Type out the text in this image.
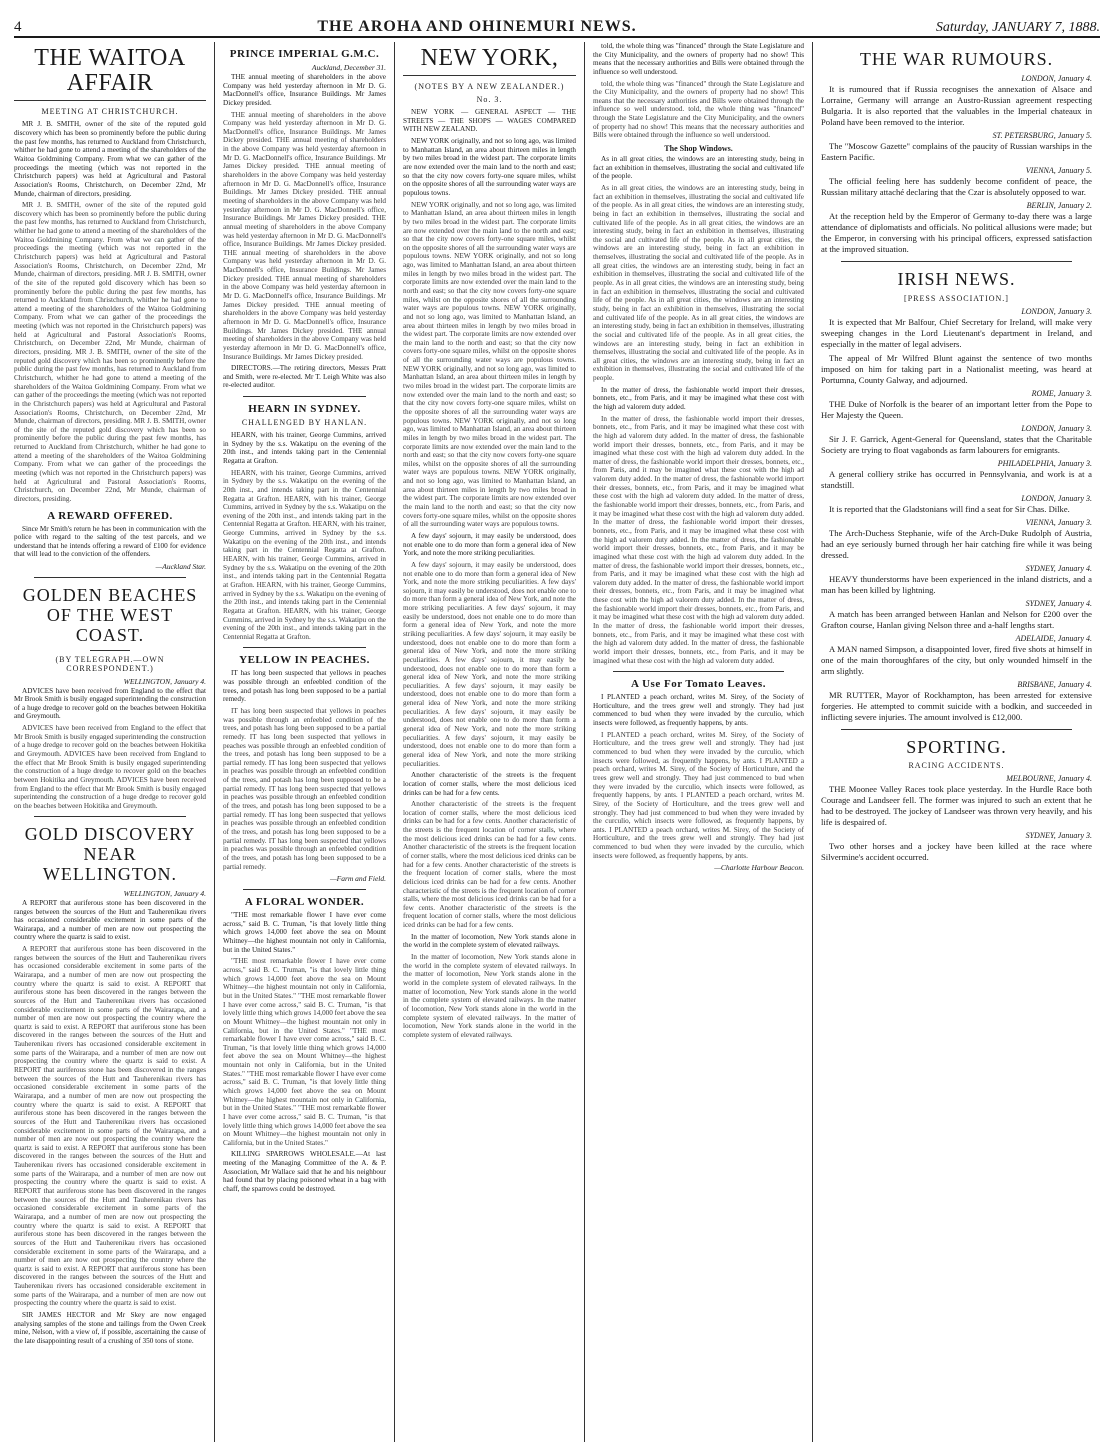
4	THE AROHA AND OHINEMURI NEWS.	Saturday, JANUARY 7, 1888.
THE WAITOA AFFAIR
MEETING AT CHRISTCHURCH.

MR J. B. SMITH, owner of the site of the reputed gold discovery which has been so prominently before the public during the past few months, has returned to Auckland from Christchurch, whither he had gone to attend a meeting of the shareholders of the Waitoa Goldmining Company. From what we can gather of the proceedings the meeting (which was not reported in the Christchurch papers) was held at Agricultural and Pastoral Association's Rooms, Christchurch, on December 22nd, Mr Munde, chairman of directors, presiding.

MR J. B. SMITH, owner of the site of the reputed gold discovery which has been so prominently before the public during the past few months, has returned to Auckland from Christchurch, whither he had gone to attend a meeting of the shareholders of the Waitoa Goldmining Company. From what we can gather of the proceedings the meeting (which was not reported in the Christchurch papers) was held at Agricultural and Pastoral Association's Rooms, Christchurch, on December 22nd, Mr Munde, chairman of directors, presiding. MR J. B. SMITH, owner of the site of the reputed gold discovery which has been so prominently before the public during the past few months, has returned to Auckland from Christchurch, whither he had gone to attend a meeting of the shareholders of the Waitoa Goldmining Company. From what we can gather of the proceedings the meeting (which was not reported in the Christchurch papers) was held at Agricultural and Pastoral Association's Rooms, Christchurch, on December 22nd, Mr Munde, chairman of directors, presiding. MR J. B. SMITH, owner of the site of the reputed gold discovery which has been so prominently before the public during the past few months, has returned to Auckland from Christchurch, whither he had gone to attend a meeting of the shareholders of the Waitoa Goldmining Company. From what we can gather of the proceedings the meeting (which was not reported in the Christchurch papers) was held at Agricultural and Pastoral Association's Rooms, Christchurch, on December 22nd, Mr Munde, chairman of directors, presiding. MR J. B. SMITH, owner of the site of the reputed gold discovery which has been so prominently before the public during the past few months, has returned to Auckland from Christchurch, whither he had gone to attend a meeting of the shareholders of the Waitoa Goldmining Company. From what we can gather of the proceedings the meeting (which was not reported in the Christchurch papers) was held at Agricultural and Pastoral Association's Rooms, Christchurch, on December 22nd, Mr Munde, chairman of directors, presiding.
A REWARD OFFERED.

Since Mr Smith's return he has been in communication with the police with regard to the salting of the test parcels, and we understand that he intends offering a reward of £100 for evidence that will lead to the conviction of the offenders.

—Auckland Star.
GOLDEN BEACHES OF THE WEST COAST.
(BY TELEGRAPH.—OWN CORRESPONDENT.)
WELLINGTON, January 4.

ADVICES have been received from England to the effect that Mr Brook Smith is busily engaged superintending the construction of a huge dredge to recover gold on the beaches between Hokitika and Greymouth.

ADVICES have been received from England to the effect that Mr Brook Smith is busily engaged superintending the construction of a huge dredge to recover gold on the beaches between Hokitika and Greymouth. ADVICES have been received from England to the effect that Mr Brook Smith is busily engaged superintending the construction of a huge dredge to recover gold on the beaches between Hokitika and Greymouth. ADVICES have been received from England to the effect that Mr Brook Smith is busily engaged superintending the construction of a huge dredge to recover gold on the beaches between Hokitika and Greymouth.
GOLD DISCOVERY NEAR WELLINGTON.
WELLINGTON, January 4.

A REPORT that auriferous stone has been discovered in the ranges between the sources of the Hutt and Tauherenikau rivers has occasioned considerable excitement in some parts of the Wairarapa, and a number of men are now out prospecting the country where the quartz is said to exist.

A REPORT that auriferous stone has been discovered in the ranges between the sources of the Hutt and Tauherenikau rivers has occasioned considerable excitement in some parts of the Wairarapa, and a number of men are now out prospecting the country where the quartz is said to exist. A REPORT that auriferous stone has been discovered in the ranges between the sources of the Hutt and Tauherenikau rivers has occasioned considerable excitement in some parts of the Wairarapa, and a number of men are now out prospecting the country where the quartz is said to exist. A REPORT that auriferous stone has been discovered in the ranges between the sources of the Hutt and Tauherenikau rivers has occasioned considerable excitement in some parts of the Wairarapa, and a number of men are now out prospecting the country where the quartz is said to exist. A REPORT that auriferous stone has been discovered in the ranges between the sources of the Hutt and Tauherenikau rivers has occasioned considerable excitement in some parts of the Wairarapa, and a number of men are now out prospecting the country where the quartz is said to exist. A REPORT that auriferous stone has been discovered in the ranges between the sources of the Hutt and Tauherenikau rivers has occasioned considerable excitement in some parts of the Wairarapa, and a number of men are now out prospecting the country where the quartz is said to exist. A REPORT that auriferous stone has been discovered in the ranges between the sources of the Hutt and Tauherenikau rivers has occasioned considerable excitement in some parts of the Wairarapa, and a number of men are now out prospecting the country where the quartz is said to exist. A REPORT that auriferous stone has been discovered in the ranges between the sources of the Hutt and Tauherenikau rivers has occasioned considerable excitement in some parts of the Wairarapa, and a number of men are now out prospecting the country where the quartz is said to exist. A REPORT that auriferous stone has been discovered in the ranges between the sources of the Hutt and Tauherenikau rivers has occasioned considerable excitement in some parts of the Wairarapa, and a number of men are now out prospecting the country where the quartz is said to exist. A REPORT that auriferous stone has been discovered in the ranges between the sources of the Hutt and Tauherenikau rivers has occasioned considerable excitement in some parts of the Wairarapa, and a number of men are now out prospecting the country where the quartz is said to exist.

SIR JAMES HECTOR and Mr Skey are now engaged analysing samples of the stone and tailings from the Owen Creek mine, Nelson, with a view of, if possible, ascertaining the cause of the late disappointing result of a crushing of 350 tons of stone.

PRINCE IMPERIAL G.M.C.
Auckland, December 31.

THE annual meeting of shareholders in the above Company was held yesterday afternoon in Mr D. G. MacDonnell's office, Insurance Buildings. Mr James Dickey presided.

THE annual meeting of shareholders in the above Company was held yesterday afternoon in Mr D. G. MacDonnell's office, Insurance Buildings. Mr James Dickey presided. THE annual meeting of shareholders in the above Company was held yesterday afternoon in Mr D. G. MacDonnell's office, Insurance Buildings. Mr James Dickey presided. THE annual meeting of shareholders in the above Company was held yesterday afternoon in Mr D. G. MacDonnell's office, Insurance Buildings. Mr James Dickey presided. THE annual meeting of shareholders in the above Company was held yesterday afternoon in Mr D. G. MacDonnell's office, Insurance Buildings. Mr James Dickey presided. THE annual meeting of shareholders in the above Company was held yesterday afternoon in Mr D. G. MacDonnell's office, Insurance Buildings. Mr James Dickey presided. THE annual meeting of shareholders in the above Company was held yesterday afternoon in Mr D. G. MacDonnell's office, Insurance Buildings. Mr James Dickey presided. THE annual meeting of shareholders in the above Company was held yesterday afternoon in Mr D. G. MacDonnell's office, Insurance Buildings. Mr James Dickey presided. THE annual meeting of shareholders in the above Company was held yesterday afternoon in Mr D. G. MacDonnell's office, Insurance Buildings. Mr James Dickey presided. THE annual meeting of shareholders in the above Company was held yesterday afternoon in Mr D. G. MacDonnell's office, Insurance Buildings. Mr James Dickey presided.

DIRECTORS.—The retiring directors, Messrs Pratt and Smith, were re-elected. Mr T. Leigh White was also re-elected auditor.

HEARN IN SYDNEY.
CHALLENGED BY HANLAN.

HEARN, with his trainer, George Cummins, arrived in Sydney by the s.s. Wakatipu on the evening of the 20th inst., and intends taking part in the Centennial Regatta at Grafton.

HEARN, with his trainer, George Cummins, arrived in Sydney by the s.s. Wakatipu on the evening of the 20th inst., and intends taking part in the Centennial Regatta at Grafton. HEARN, with his trainer, George Cummins, arrived in Sydney by the s.s. Wakatipu on the evening of the 20th inst., and intends taking part in the Centennial Regatta at Grafton. HEARN, with his trainer, George Cummins, arrived in Sydney by the s.s. Wakatipu on the evening of the 20th inst., and intends taking part in the Centennial Regatta at Grafton. HEARN, with his trainer, George Cummins, arrived in Sydney by the s.s. Wakatipu on the evening of the 20th inst., and intends taking part in the Centennial Regatta at Grafton. HEARN, with his trainer, George Cummins, arrived in Sydney by the s.s. Wakatipu on the evening of the 20th inst., and intends taking part in the Centennial Regatta at Grafton. HEARN, with his trainer, George Cummins, arrived in Sydney by the s.s. Wakatipu on the evening of the 20th inst., and intends taking part in the Centennial Regatta at Grafton.
YELLOW IN PEACHES.

IT has long been suspected that yellows in peaches was possible through an enfeebled condition of the trees, and potash has long been supposed to be a partial remedy.

IT has long been suspected that yellows in peaches was possible through an enfeebled condition of the trees, and potash has long been supposed to be a partial remedy. IT has long been suspected that yellows in peaches was possible through an enfeebled condition of the trees, and potash has long been supposed to be a partial remedy. IT has long been suspected that yellows in peaches was possible through an enfeebled condition of the trees, and potash has long been supposed to be a partial remedy. IT has long been suspected that yellows in peaches was possible through an enfeebled condition of the trees, and potash has long been supposed to be a partial remedy. IT has long been suspected that yellows in peaches was possible through an enfeebled condition of the trees, and potash has long been supposed to be a partial remedy. IT has long been suspected that yellows in peaches was possible through an enfeebled condition of the trees, and potash has long been supposed to be a partial remedy.
—Farm and Field.
A FLORAL WONDER.

"THE most remarkable flower I have ever come across," said B. C. Truman, "is that lovely little thing which grows 14,000 feet above the sea on Mount Whitney—the highest mountain not only in California, but in the United States."

"THE most remarkable flower I have ever come across," said B. C. Truman, "is that lovely little thing which grows 14,000 feet above the sea on Mount Whitney—the highest mountain not only in California, but in the United States." "THE most remarkable flower I have ever come across," said B. C. Truman, "is that lovely little thing which grows 14,000 feet above the sea on Mount Whitney—the highest mountain not only in California, but in the United States." "THE most remarkable flower I have ever come across," said B. C. Truman, "is that lovely little thing which grows 14,000 feet above the sea on Mount Whitney—the highest mountain not only in California, but in the United States." "THE most remarkable flower I have ever come across," said B. C. Truman, "is that lovely little thing which grows 14,000 feet above the sea on Mount Whitney—the highest mountain not only in California, but in the United States." "THE most remarkable flower I have ever come across," said B. C. Truman, "is that lovely little thing which grows 14,000 feet above the sea on Mount Whitney—the highest mountain not only in California, but in the United States."

KILLING SPARROWS WHOLESALE.—At last meeting of the Managing Committee of the A. & P. Association, Mr Wallace said that he and his neighbour had found that by placing poisoned wheat in a bag with chaff, the sparrows could be destroyed.

NEW YORK,
(NOTES BY A NEW ZEALANDER.)
No. 3.

NEW YORK — GENERAL ASPECT — THE STREETS — THE SHOPS — WAGES COMPARED WITH NEW ZEALAND.

NEW YORK originally, and not so long ago, was limited to Manhattan Island, an area about thirteen miles in length by two miles broad in the widest part. The corporate limits are now extended over the main land to the north and east; so that the city now covers forty-one square miles, whilst on the opposite shores of all the surrounding water ways are populous towns.

NEW YORK originally, and not so long ago, was limited to Manhattan Island, an area about thirteen miles in length by two miles broad in the widest part. The corporate limits are now extended over the main land to the north and east; so that the city now covers forty-one square miles, whilst on the opposite shores of all the surrounding water ways are populous towns. NEW YORK originally, and not so long ago, was limited to Manhattan Island, an area about thirteen miles in length by two miles broad in the widest part. The corporate limits are now extended over the main land to the north and east; so that the city now covers forty-one square miles, whilst on the opposite shores of all the surrounding water ways are populous towns. NEW YORK originally, and not so long ago, was limited to Manhattan Island, an area about thirteen miles in length by two miles broad in the widest part. The corporate limits are now extended over the main land to the north and east; so that the city now covers forty-one square miles, whilst on the opposite shores of all the surrounding water ways are populous towns. NEW YORK originally, and not so long ago, was limited to Manhattan Island, an area about thirteen miles in length by two miles broad in the widest part. The corporate limits are now extended over the main land to the north and east; so that the city now covers forty-one square miles, whilst on the opposite shores of all the surrounding water ways are populous towns. NEW YORK originally, and not so long ago, was limited to Manhattan Island, an area about thirteen miles in length by two miles broad in the widest part. The corporate limits are now extended over the main land to the north and east; so that the city now covers forty-one square miles, whilst on the opposite shores of all the surrounding water ways are populous towns. NEW YORK originally, and not so long ago, was limited to Manhattan Island, an area about thirteen miles in length by two miles broad in the widest part. The corporate limits are now extended over the main land to the north and east; so that the city now covers forty-one square miles, whilst on the opposite shores of all the surrounding water ways are populous towns.

A few days' sojourn, it may easily be understood, does not enable one to do more than form a general idea of New York, and note the more striking peculiarities.

A few days' sojourn, it may easily be understood, does not enable one to do more than form a general idea of New York, and note the more striking peculiarities. A few days' sojourn, it may easily be understood, does not enable one to do more than form a general idea of New York, and note the more striking peculiarities. A few days' sojourn, it may easily be understood, does not enable one to do more than form a general idea of New York, and note the more striking peculiarities. A few days' sojourn, it may easily be understood, does not enable one to do more than form a general idea of New York, and note the more striking peculiarities. A few days' sojourn, it may easily be understood, does not enable one to do more than form a general idea of New York, and note the more striking peculiarities. A few days' sojourn, it may easily be understood, does not enable one to do more than form a general idea of New York, and note the more striking peculiarities. A few days' sojourn, it may easily be understood, does not enable one to do more than form a general idea of New York, and note the more striking peculiarities. A few days' sojourn, it may easily be understood, does not enable one to do more than form a general idea of New York, and note the more striking peculiarities.

Another characteristic of the streets is the frequent location of corner stalls, where the most delicious iced drinks can be had for a few cents.

Another characteristic of the streets is the frequent location of corner stalls, where the most delicious iced drinks can be had for a few cents. Another characteristic of the streets is the frequent location of corner stalls, where the most delicious iced drinks can be had for a few cents. Another characteristic of the streets is the frequent location of corner stalls, where the most delicious iced drinks can be had for a few cents. Another characteristic of the streets is the frequent location of corner stalls, where the most delicious iced drinks can be had for a few cents. Another characteristic of the streets is the frequent location of corner stalls, where the most delicious iced drinks can be had for a few cents. Another characteristic of the streets is the frequent location of corner stalls, where the most delicious iced drinks can be had for a few cents.

In the matter of locomotion, New York stands alone in the world in the complete system of elevated railways.

In the matter of locomotion, New York stands alone in the world in the complete system of elevated railways. In the matter of locomotion, New York stands alone in the world in the complete system of elevated railways. In the matter of locomotion, New York stands alone in the world in the complete system of elevated railways. In the matter of locomotion, New York stands alone in the world in the complete system of elevated railways. In the matter of locomotion, New York stands alone in the world in the complete system of elevated railways.

told, the whole thing was "financed" through the State Legislature and the City Municipality, and the owners of property had no show! This means that the necessary authorities and Bills were obtained through the influence so well understood.

told, the whole thing was "financed" through the State Legislature and the City Municipality, and the owners of property had no show! This means that the necessary authorities and Bills were obtained through the influence so well understood. told, the whole thing was "financed" through the State Legislature and the City Municipality, and the owners of property had no show! This means that the necessary authorities and Bills were obtained through the influence so well understood.
The Shop Windows.

As in all great cities, the windows are an interesting study, being in fact an exhibition in themselves, illustrating the social and cultivated life of the people.

As in all great cities, the windows are an interesting study, being in fact an exhibition in themselves, illustrating the social and cultivated life of the people. As in all great cities, the windows are an interesting study, being in fact an exhibition in themselves, illustrating the social and cultivated life of the people. As in all great cities, the windows are an interesting study, being in fact an exhibition in themselves, illustrating the social and cultivated life of the people. As in all great cities, the windows are an interesting study, being in fact an exhibition in themselves, illustrating the social and cultivated life of the people. As in all great cities, the windows are an interesting study, being in fact an exhibition in themselves, illustrating the social and cultivated life of the people. As in all great cities, the windows are an interesting study, being in fact an exhibition in themselves, illustrating the social and cultivated life of the people. As in all great cities, the windows are an interesting study, being in fact an exhibition in themselves, illustrating the social and cultivated life of the people. As in all great cities, the windows are an interesting study, being in fact an exhibition in themselves, illustrating the social and cultivated life of the people. As in all great cities, the windows are an interesting study, being in fact an exhibition in themselves, illustrating the social and cultivated life of the people. As in all great cities, the windows are an interesting study, being in fact an exhibition in themselves, illustrating the social and cultivated life of the people.

In the matter of dress, the fashionable world import their dresses, bonnets, etc., from Paris, and it may be imagined what these cost with the high ad valorem duty added.

In the matter of dress, the fashionable world import their dresses, bonnets, etc., from Paris, and it may be imagined what these cost with the high ad valorem duty added. In the matter of dress, the fashionable world import their dresses, bonnets, etc., from Paris, and it may be imagined what these cost with the high ad valorem duty added. In the matter of dress, the fashionable world import their dresses, bonnets, etc., from Paris, and it may be imagined what these cost with the high ad valorem duty added. In the matter of dress, the fashionable world import their dresses, bonnets, etc., from Paris, and it may be imagined what these cost with the high ad valorem duty added. In the matter of dress, the fashionable world import their dresses, bonnets, etc., from Paris, and it may be imagined what these cost with the high ad valorem duty added. In the matter of dress, the fashionable world import their dresses, bonnets, etc., from Paris, and it may be imagined what these cost with the high ad valorem duty added. In the matter of dress, the fashionable world import their dresses, bonnets, etc., from Paris, and it may be imagined what these cost with the high ad valorem duty added. In the matter of dress, the fashionable world import their dresses, bonnets, etc., from Paris, and it may be imagined what these cost with the high ad valorem duty added. In the matter of dress, the fashionable world import their dresses, bonnets, etc., from Paris, and it may be imagined what these cost with the high ad valorem duty added. In the matter of dress, the fashionable world import their dresses, bonnets, etc., from Paris, and it may be imagined what these cost with the high ad valorem duty added. In the matter of dress, the fashionable world import their dresses, bonnets, etc., from Paris, and it may be imagined what these cost with the high ad valorem duty added. In the matter of dress, the fashionable world import their dresses, bonnets, etc., from Paris, and it may be imagined what these cost with the high ad valorem duty added.
A Use For Tomato Leaves.

I PLANTED a peach orchard, writes M. Sirey, of the Society of Horticulture, and the trees grew well and strongly. They had just commenced to bud when they were invaded by the curculio, which insects were followed, as frequently happens, by ants.

I PLANTED a peach orchard, writes M. Sirey, of the Society of Horticulture, and the trees grew well and strongly. They had just commenced to bud when they were invaded by the curculio, which insects were followed, as frequently happens, by ants. I PLANTED a peach orchard, writes M. Sirey, of the Society of Horticulture, and the trees grew well and strongly. They had just commenced to bud when they were invaded by the curculio, which insects were followed, as frequently happens, by ants. I PLANTED a peach orchard, writes M. Sirey, of the Society of Horticulture, and the trees grew well and strongly. They had just commenced to bud when they were invaded by the curculio, which insects were followed, as frequently happens, by ants. I PLANTED a peach orchard, writes M. Sirey, of the Society of Horticulture, and the trees grew well and strongly. They had just commenced to bud when they were invaded by the curculio, which insects were followed, as frequently happens, by ants.
—Charlotte Harbour Beacon.
THE WAR RUMOURS.
LONDON, January 4.

It is rumoured that if Russia recognises the annexation of Alsace and Lorraine, Germany will arrange an Austro-Russian agreement respecting Bulgaria. It is also reported that the valuables in the Imperial chateaux in Poland have been removed to the interior.

ST. PETERSBURG, January 5.

The "Moscow Gazette" complains of the paucity of Russian warships in the Eastern Pacific.

VIENNA, January 5.

The official feeling here has suddenly become confident of peace, the Russian military attaché declaring that the Czar is absolutely opposed to war.

BERLIN, January 2.

At the reception held by the Emperor of Germany to-day there was a large attendance of diplomatists and officials. No political allusions were made; but the Emperor, in conversing with his principal officers, expressed satisfaction at the improved situation.

IRISH NEWS.
[PRESS ASSOCIATION.]
LONDON, January 3.

It is expected that Mr Balfour, Chief Secretary for Ireland, will make very sweeping changes in the Lord Lieutenant's department in Ireland, and especially in the matter of legal advisers.

The appeal of Mr Wilfred Blunt against the sentence of two months imposed on him for taking part in a Nationalist meeting, was heard at Portumna, County Galway, and adjourned.

ROME, January 3.

THE Duke of Norfolk is the bearer of an important letter from the Pope to Her Majesty the Queen.

LONDON, January 3.

Sir J. F. Garrick, Agent-General for Queensland, states that the Charitable Society are trying to float vagabonds as farm labourers for emigrants.

PHILADELPHIA, January 3.

A general colliery strike has occurred in Pennsylvania, and work is at a standstill.

LONDON, January 3.

It is reported that the Gladstonians will find a seat for Sir Chas. Dilke.

VIENNA, January 3.

The Arch-Duchess Stephanie, wife of the Arch-Duke Rudolph of Austria, had an eye seriously burned through her hair catching fire while it was being dressed.

SYDNEY, January 4.

HEAVY thunderstorms have been experienced in the inland districts, and a man has been killed by lightning.

SYDNEY, January 4.

A match has been arranged between Hanlan and Nelson for £200 over the Grafton course, Hanlan giving Nelson three and a-half lengths start.

ADELAIDE, January 4.

A MAN named Simpson, a disappointed lover, fired five shots at himself in one of the main thoroughfares of the city, but only wounded himself in the arm slightly.

BRISBANE, January 4.

MR RUTTER, Mayor of Rockhampton, has been arrested for extensive forgeries. He attempted to commit suicide with a bodkin, and succeeded in inflicting severe injuries. The amount involved is £12,000.

SPORTING.
RACING ACCIDENTS.
MELBOURNE, January 4.

THE Moonee Valley Races took place yesterday. In the Hurdle Race both Courage and Landseer fell. The former was injured to such an extent that he had to be destroyed. The jockey of Landseer was thrown very heavily, and his life is despaired of.

SYDNEY, January 3.

Two other horses and a jockey have been killed at the race where Silvermine's accident occurred.
